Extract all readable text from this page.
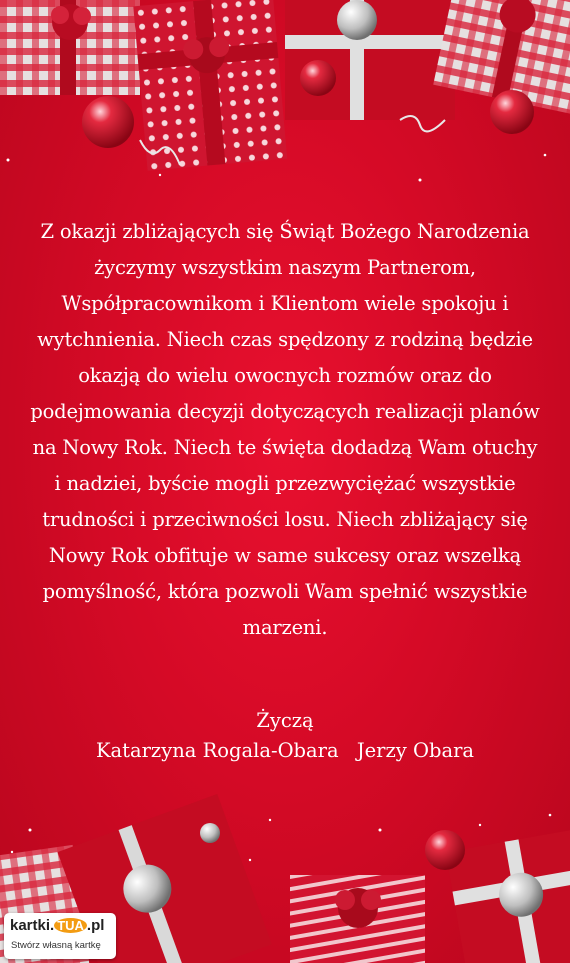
Z okazji zbliżających się Świąt Bożego Narodzenia życzymy wszystkim naszym Partnerom, Współpracownikom i Klientom wiele spokoju i wytchnienia. Niech czas spędzony z rodziną będzie okazją do wielu owocnych rozmów oraz do podejmowania decyzji dotyczących realizacji planów na Nowy Rok. Niech te święta dodadzą Wam otuchy i nadziei, byście mogli przezwyciężać wszystkie trudności i przeciwności losu. Niech zbliżający się Nowy Rok obfituje w same sukcesy oraz wszelką pomyślność, która pozwoli Wam spełnić wszystkie marzeni.

Życzą
Katarzyna Rogala-Obara Jerzy Obara
kartki. TUA .pl
Stwórz własną kartkę
